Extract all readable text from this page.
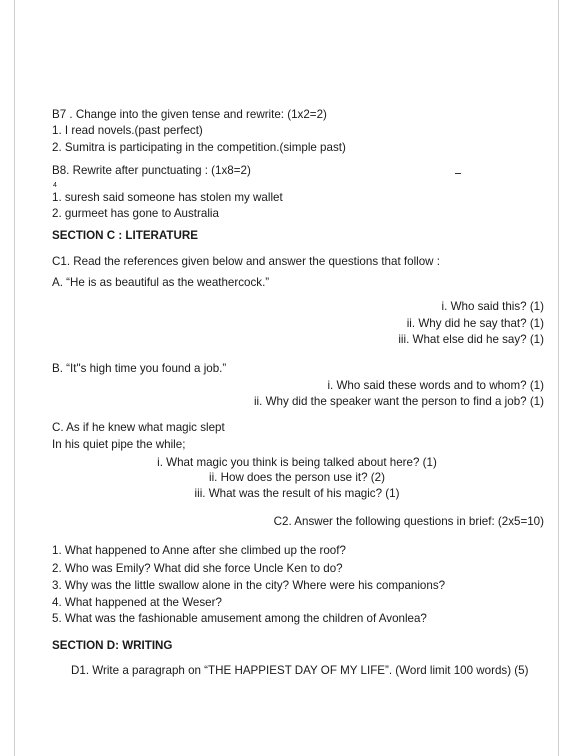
B7 . Change into the given tense and rewrite: (1x2=2)
1. I read novels.(past perfect)
2. Sumitra is participating in the competition.(simple past)
B8. Rewrite after punctuating : (1x8=2)
4
1. suresh said someone has stolen my wallet
2. gurmeet has gone to Australia
SECTION C : LITERATURE
C1. Read the references given below and answer the questions that follow :
A. “He is as beautiful as the weathercock.”
i. Who said this? (1)
ii. Why did he say that? (1)
iii. What else did he say? (1)
B. “It"s high time you found a job.”
i. Who said these words and to whom? (1)
ii. Why did the speaker want the person to find a job? (1)
C. As if he knew what magic slept
In his quiet pipe the while;
i. What magic you think is being talked about here? (1)
ii. How does the person use it? (2)
iii. What was the result of his magic? (1)
C2. Answer the following questions in brief: (2x5=10)
1. What happened to Anne after she climbed up the roof?
2. Who was Emily? What did she force Uncle Ken to do?
3. Why was the little swallow alone in the city? Where were his companions?
4. What happened at the Weser?
5. What was the fashionable amusement among the children of Avonlea?
SECTION D: WRITING
D1. Write a paragraph on “THE HAPPIEST DAY OF MY LIFE”. (Word limit 100 words) (5)
